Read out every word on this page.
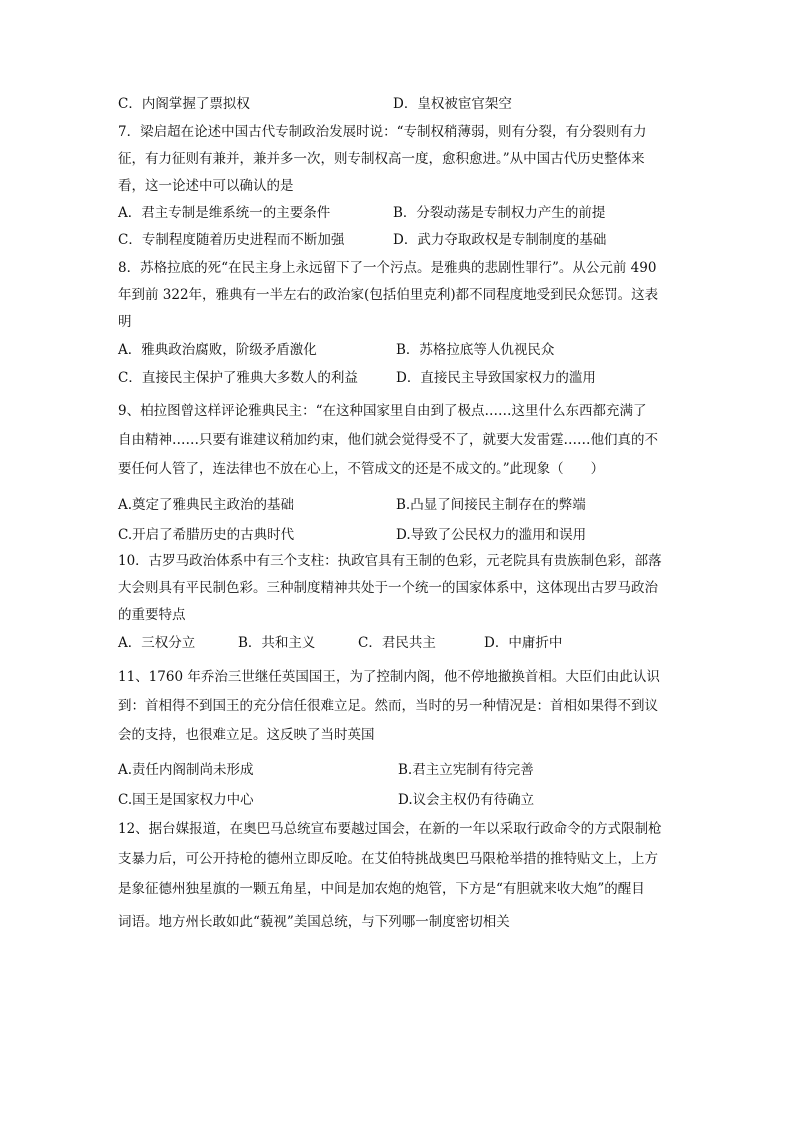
C．内阁掌握了票拟权	D．皇权被宦官架空
7．梁启超在论述中国古代专制政治发展时说：“专制权稍薄弱，则有分裂，有分裂则有力
征，有力征则有兼并，兼并多一次，则专制权高一度，愈积愈进。”从中国古代历史整体来
看，这一论述中可以确认的是
A．君主专制是维系统一的主要条件	B．分裂动荡是专制权力产生的前提
C．专制程度随着历史进程而不断加强	D．武力夺取政权是专制制度的基础
8．苏格拉底的死“在民主身上永远留下了一个污点。是雅典的悲剧性罪行”。从公元前 490
年到前 322年，雅典有一半左右的政治家(包括伯里克利)都不同程度地受到民众惩罚。这表
明
A．雅典政治腐败，阶级矛盾激化	B．苏格拉底等人仇视民众
C．直接民主保护了雅典大多数人的利益	D．直接民主导致国家权力的滥用
9、柏拉图曾这样评论雅典民主：“在这种国家里自由到了极点……这里什么东西都充满了
自由精神……只要有谁建议稍加约束，他们就会觉得受不了，就要大发雷霆……他们真的不
要任何人管了，连法律也不放在心上，不管成文的还是不成文的。”此现象（　　）
A.奠定了雅典民主政治的基础	B.凸显了间接民主制存在的弊端
C.开启了希腊历史的古典时代	D.导致了公民权力的滥用和误用
10．古罗马政治体系中有三个支柱：执政官具有王制的色彩，元老院具有贵族制色彩，部落
大会则具有平民制色彩。三种制度精神共处于一个统一的国家体系中，这体现出古罗马政治
的重要特点
A．三权分立	B．共和主义	C．君民共主	D．中庸折中
11、1760 年乔治三世继任英国国王，为了控制内阁，他不停地撤换首相。大臣们由此认识
到：首相得不到国王的充分信任很难立足。然而，当时的另一种情况是：首相如果得不到议
会的支持，也很难立足。这反映了当时英国
A.责任内阁制尚未形成	B.君主立宪制有待完善
C.国王是国家权力中心	D.议会主权仍有待确立
12、据台媒报道，在奥巴马总统宣布要越过国会，在新的一年以采取行政命令的方式限制枪
支暴力后，可公开持枪的德州立即反呛。在艾伯特挑战奥巴马限枪举措的推特贴文上，上方
是象征德州独星旗的一颗五角星，中间是加农炮的炮管，下方是“有胆就来收大炮”的醒目
词语。地方州长敢如此“藐视”美国总统，与下列哪一制度密切相关
